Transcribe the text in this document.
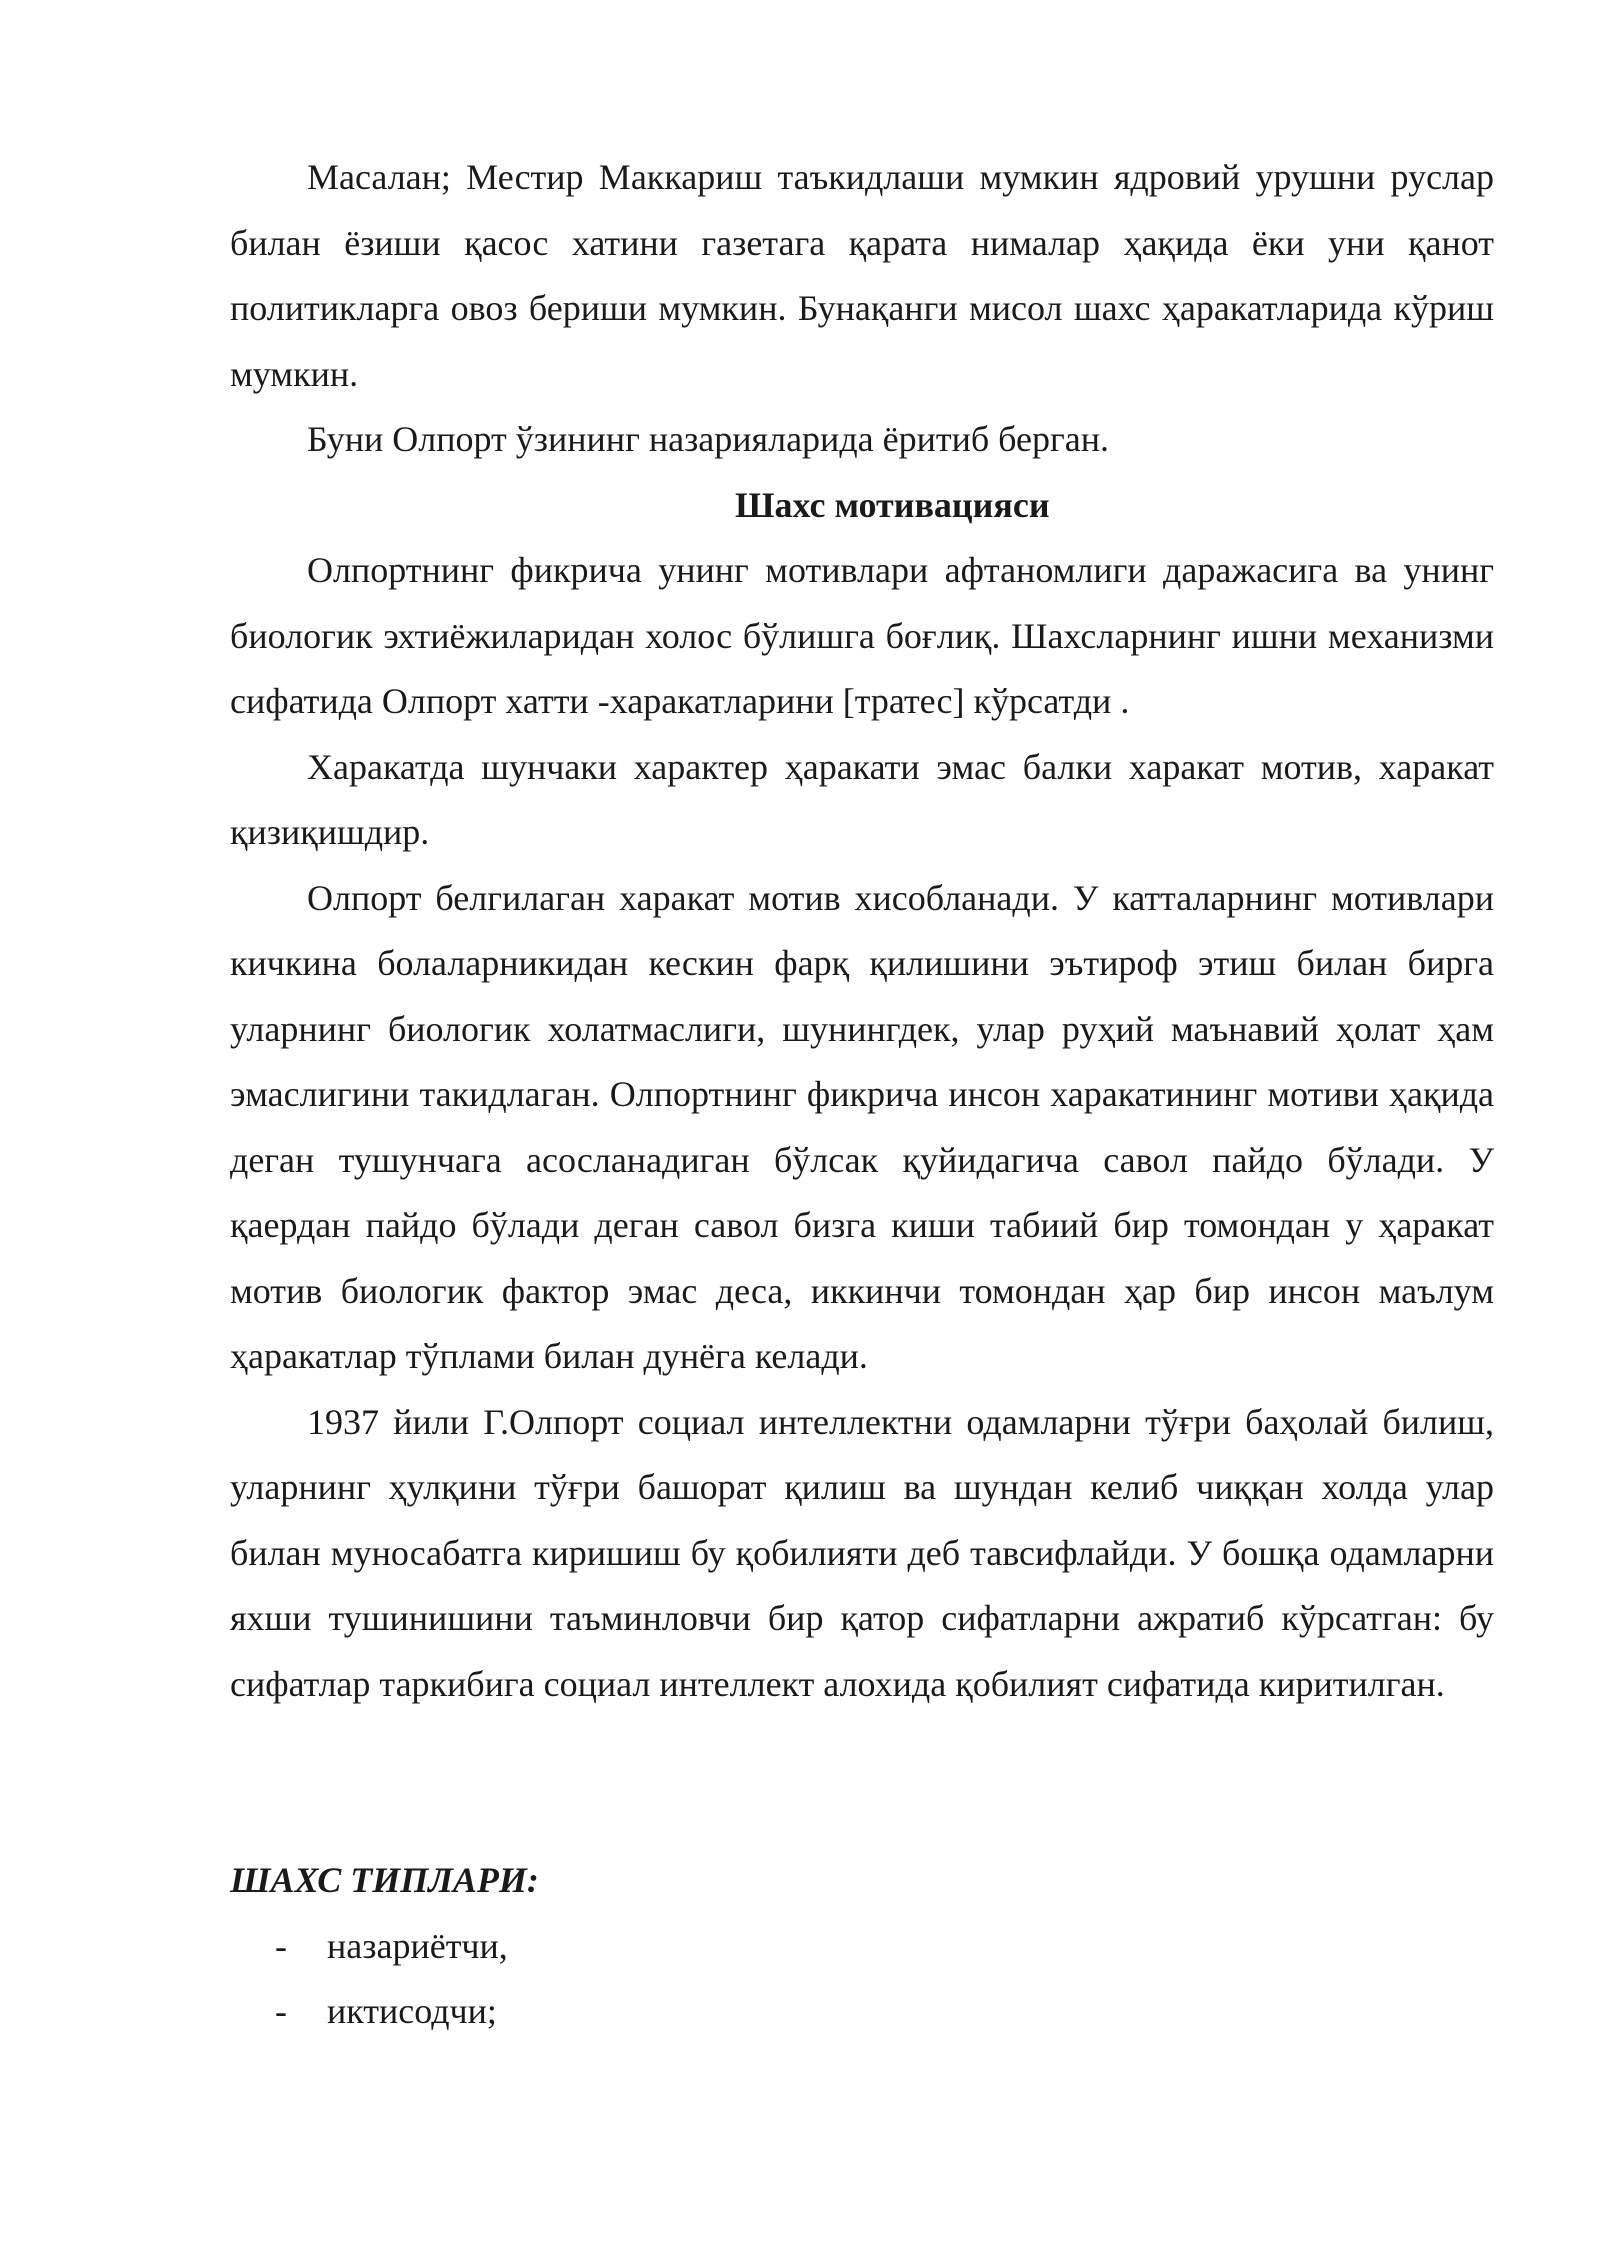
Масалан; Местир Маккариш таъкидлаши мумкин ядровий урушни руслар билан ёзиши қасос хатини газетага қарата нималар ҳақида ёки уни қанот политикларга овоз бериши мумкин. Бунақанги мисол шахс ҳаракатларида кўриш мумкин.

Буни Олпорт ўзининг назарияларида ёритиб берган.

Шахс мотивацияси

Олпортнинг фикрича унинг мотивлари афтаномлиги даражасига ва унинг биологик эхтиёжиларидан холос бўлишга боғлиқ. Шахсларнинг ишни механизми сифатида Олпорт хатти -харакатларини [тратес] кўрсатди .

Харакатда шунчаки характер ҳаракати эмас балки харакат мотив, харакат қизиқишдир.

Олпорт белгилаган харакат мотив хисобланади. У катталарнинг мотивлари кичкина болаларникидан кескин фарқ қилишини эътироф этиш билан бирга уларнинг биологик холатмаслиги, шунингдек, улар руҳий маънавий ҳолат ҳам эмаслигини такидлаган. Олпортнинг фикрича инсон харакатининг мотиви ҳақида деган тушунчага асосланадиган бўлсак қуйидагича савол пайдо бўлади. У қаердан пайдо бўлади деган савол бизга киши табиий бир томондан у ҳаракат мотив биологик фактор эмас деса, иккинчи томондан ҳар бир инсон маълум ҳаракатлар тўплами билан дунёга келади.

1937 йили Г.Олпорт социал интеллектни одамларни тўғри баҳолай билиш, уларнинг ҳулқини тўғри башорат қилиш ва шундан келиб чиққан холда улар билан муносабатга киришиш бу қобилияти деб тавсифлайди. У бошқа одамларни яхши тушинишини таъминловчи бир қатор сифатларни ажратиб кўрсатган: бу сифатлар таркибига социал интеллект алохида қобилият сифатида киритилган.

ШАХС ТИПЛАРИ:

- назариётчи,
- иктисодчи;
